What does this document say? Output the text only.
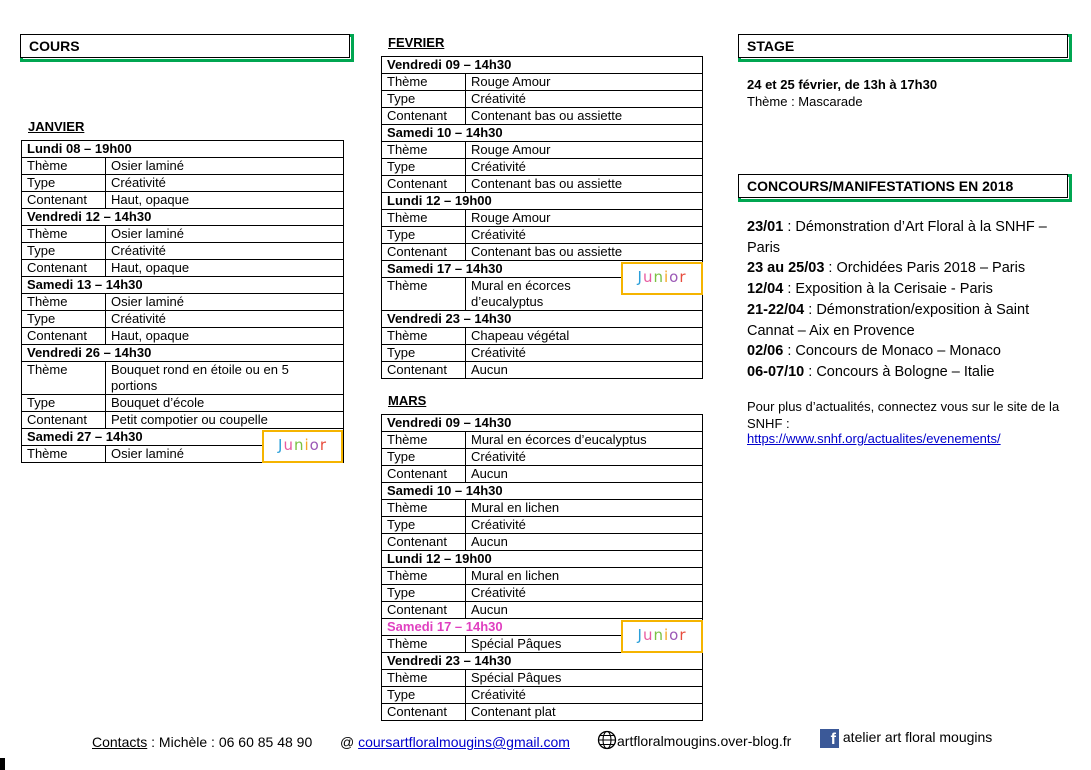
COURS	STAGE
CONCOURS/MANIFESTATIONS EN 2018
JANVIER
FEVRIER
MARS
Lundi 08 – 19h00	
Thème	Osier laminé
Type	Créativité
Contenant	Haut, opaque
Vendredi 12 – 14h30	
Thème	Osier laminé
Type	Créativité
Contenant	Haut, opaque
Samedi 13 – 14h30	
Thème	Osier laminé
Type	Créativité
Contenant	Haut, opaque
Vendredi 26 – 14h30	
Thème	Bouquet rond en étoile ou en 5 portions
Type	Bouquet d’école
Contenant	Petit compotier ou coupelle
Samedi 27 – 14h30	
Thème	Osier laminé
Vendredi 09 – 14h30	
Thème	Rouge Amour
Type	Créativité
Contenant	Contenant bas ou assiette
Samedi 10 – 14h30	
Thème	Rouge Amour
Type	Créativité
Contenant	Contenant bas ou assiette
Lundi 12 – 19h00	
Thème	Rouge Amour
Type	Créativité
Contenant	Contenant bas ou assiette
Samedi 17 – 14h30	
Thème	Mural en écorces d’eucalyptus
Vendredi 23 – 14h30	
Thème	Chapeau végétal
Type	Créativité
Contenant	Aucun
Vendredi 09 – 14h30	
Thème	Mural en écorces d’eucalyptus
Type	Créativité
Contenant	Aucun
Samedi 10 – 14h30	
Thème	Mural en lichen
Type	Créativité
Contenant	Aucun
Lundi 12 – 19h00	
Thème	Mural en lichen
Type	Créativité
Contenant	Aucun
Samedi 17 – 14h30	
Thème	Spécial Pâques
Vendredi 23 – 14h30	
Thème	Spécial Pâques
Type	Créativité
Contenant	Contenant plat
Junior
Junior
Junior
24 et 25 février, de 13h à 17h30
Thème : Mascarade
23/01 : Démonstration d’Art Floral à la SNHF – Paris
23 au 25/03 : Orchidées Paris 2018 – Paris
12/04 : Exposition à la Cerisaie - Paris
21-22/04 : Démonstration/exposition à Saint Cannat – Aix en Provence
02/06 : Concours de Monaco – Monaco
06-07/10 : Concours à Bologne – Italie
Pour plus d’actualités, connectez vous sur le site de la SNHF :
https://www.snhf.org/actualites/evenements/
Contacts : Michèle : 06 60 85 48 90 @ coursartfloralmougins@gmail.com	artfloralmougins.over-blog.fr	f atelier art floral mougins
